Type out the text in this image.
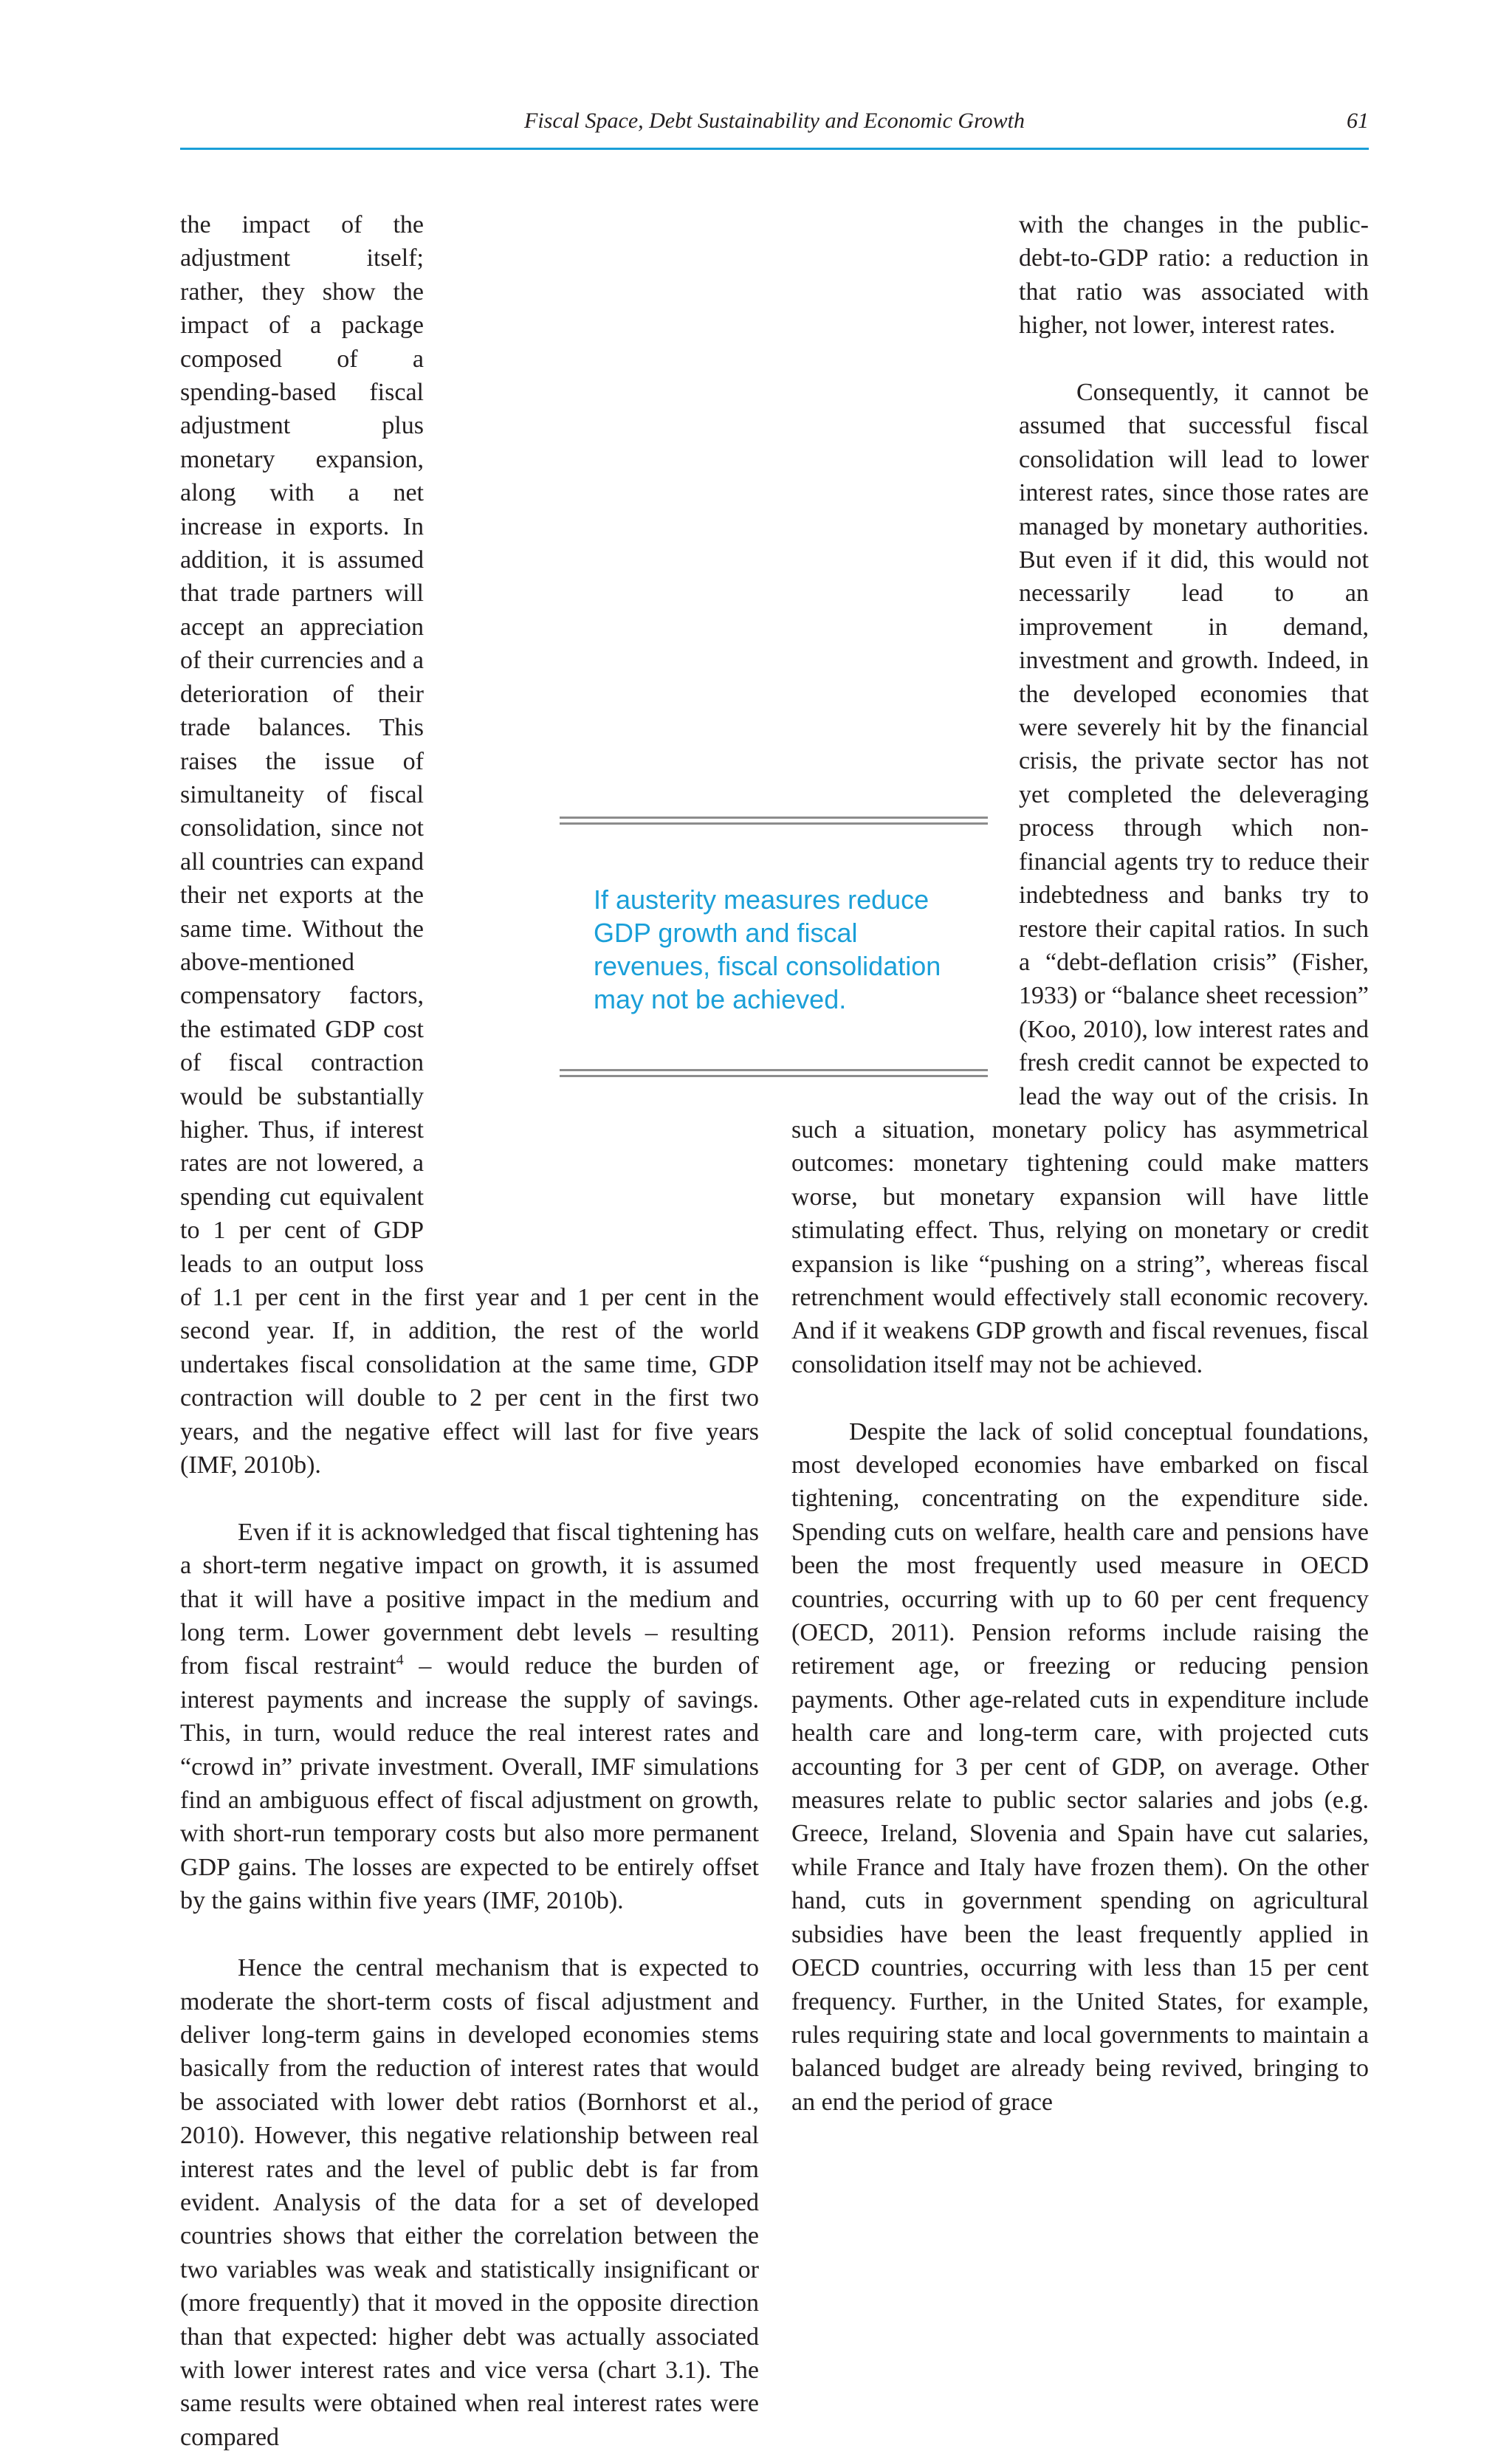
Fiscal Space, Debt Sustainability and Economic Growth	61

the impact of the adjustment itself; rather, they show the impact of a package composed of a spending-based fiscal adjustment plus monetary expansion, along with a net increase in exports. In addition, it is assumed that trade partners will accept an appreciation of their currencies and a deterioration of their trade balances. This raises the issue of simultaneity of fiscal consolidation, since not all countries can expand their net exports at the same time. Without the above-mentioned compensatory factors, the estimated GDP cost of fiscal contraction would be substantially higher. Thus, if interest rates are not lowered, a spending cut equivalent to 1 per cent of GDP leads to an output loss of 1.1 per cent in the first year and 1 per cent in the second year. If, in addition, the rest of the world undertakes fiscal consolidation at the same time, GDP contraction will double to 2 per cent in the first two years, and the negative effect will last for five years (IMF, 2010b).

Even if it is acknowledged that fiscal tightening has a short-term negative impact on growth, it is assumed that it will have a positive impact in the medium and long term. Lower government debt levels – resulting from fiscal restraint$^4$ – would reduce the burden of interest payments and increase the supply of savings. This, in turn, would reduce the real interest rates and “crowd in” private investment. Overall, IMF simulations find an ambiguous effect of fiscal adjustment on growth, with short-run temporary costs but also more permanent GDP gains. The losses are expected to be entirely offset by the gains within five years (IMF, 2010b).

Hence the central mechanism that is expected to moderate the short-term costs of fiscal adjustment and deliver long-term gains in developed economies stems basically from the reduction of interest rates that would be associated with lower debt ratios (Bornhorst et al., 2010). However, this negative relationship between real interest rates and the level of public debt is far from evident. Analysis of the data for a set of developed countries shows that either the correlation between the two variables was weak and statistically insignificant or (more frequently) that it moved in the opposite direction than that expected: higher debt was actually associated with lower interest rates and vice versa (chart 3.1). The same results were obtained when real interest rates were compared

with the changes in the public-debt-to-GDP ratio: a reduction in that ratio was associated with higher, not lower, interest rates.

Consequently, it cannot be assumed that successful fiscal consolidation will lead to lower interest rates, since those rates are managed by monetary authorities. But even if it did, this would not necessarily lead to an improvement in demand, investment and growth. Indeed, in the developed economies that were severely hit by the financial crisis, the private sector has not yet completed the deleveraging process through which non-financial agents try to reduce their indebtedness and banks try to restore their capital ratios. In such a “debt-deflation crisis” (Fisher, 1933) or “balance sheet recession” (Koo, 2010), low interest rates and fresh credit cannot be expected to lead the way out of the crisis. In such a situation, monetary policy has asymmetrical outcomes: monetary tightening could make matters worse, but monetary expansion will have little stimulating effect. Thus, relying on monetary or credit expansion is like “pushing on a string”, whereas fiscal retrenchment would effectively stall economic recovery. And if it weakens GDP growth and fiscal revenues, fiscal consolidation itself may not be achieved.

Despite the lack of solid conceptual foundations, most developed economies have embarked on fiscal tightening, concentrating on the expenditure side. Spending cuts on welfare, health care and pensions have been the most frequently used measure in OECD countries, occurring with up to 60 per cent frequency (OECD, 2011). Pension reforms include raising the retirement age, or freezing or reducing pension payments. Other age-related cuts in expenditure include health care and long-term care, with projected cuts accounting for 3 per cent of GDP, on average. Other measures relate to public sector salaries and jobs (e.g. Greece, Ireland, Slovenia and Spain have cut salaries, while France and Italy have frozen them). On the other hand, cuts in government spending on agricultural subsidies have been the least frequently applied in OECD countries, occurring with less than 15 per cent frequency. Further, in the United States, for example, rules requiring state and local governments to maintain a balanced budget are already being revived, bringing to an end the period of grace

If austerity measures reduce GDP growth and fiscal revenues, fiscal consolidation may not be achieved.
